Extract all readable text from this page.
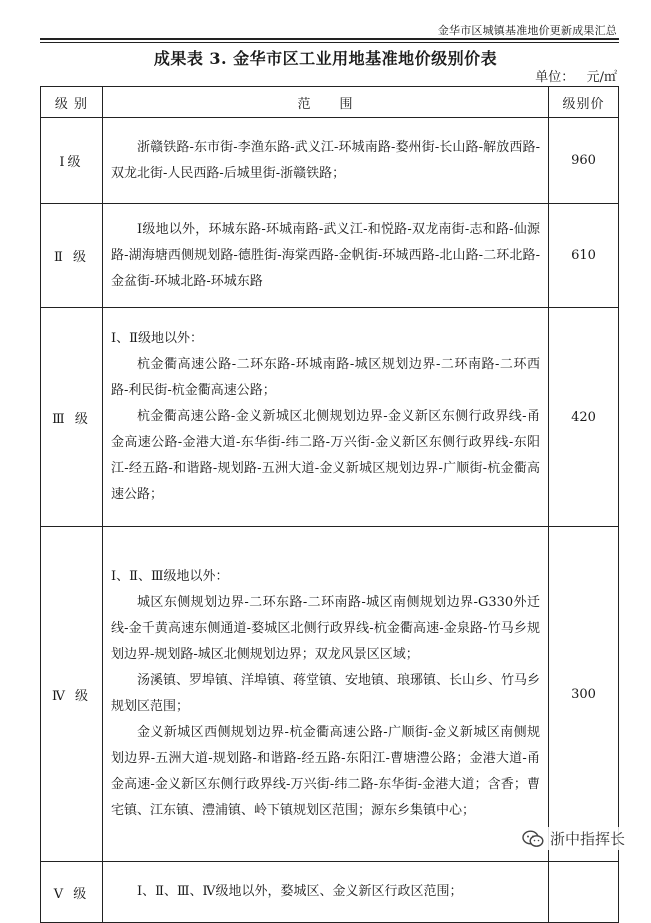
金华市区城镇基准地价更新成果汇总
成果表 3. 金华市区工业用地基准地价级别价表
单位： 元/㎡
级 别	范　　围	级别价
Ⅰ级	浙赣铁路-东市街-李渔东路-武义江-环城南路-婺州街-长山路-解放西路-双龙北街-人民西路-后城里街-浙赣铁路；	960
Ⅱ 级	Ⅰ级地以外，环城东路-环城南路-武义江-和悦路-双龙南街-志和路-仙源路-湖海塘西侧规划路-德胜街-海棠西路-金帆街-环城西路-北山路-二环北路-金盆街-环城北路-环城东路	610
Ⅲ 级	Ⅰ、Ⅱ级地以外：

杭金衢高速公路-二环东路-环城南路-城区规划边界-二环南路-二环西路-利民街-杭金衢高速公路；

杭金衢高速公路-金义新城区北侧规划边界-金义新区东侧行政界线-甬金高速公路-金港大道-东华街-纬二路-万兴街-金义新区东侧行政界线-东阳江-经五路-和谐路-规划路-五洲大道-金义新城区规划边界-广顺街-杭金衢高速公路；	420
Ⅳ 级	Ⅰ、Ⅱ、Ⅲ级地以外：

城区东侧规划边界-二环东路-二环南路-城区南侧规划边界-G330外迁线-金千黄高速东侧通道-婺城区北侧行政界线-杭金衢高速-金泉路-竹马乡规划边界-规划路-城区北侧规划边界；双龙风景区区域；

汤溪镇、罗埠镇、洋埠镇、蒋堂镇、安地镇、琅琊镇、长山乡、竹马乡规划区范围；

金义新城区西侧规划边界-杭金衢高速公路-广顺街-金义新城区南侧规划边界-五洲大道-规划路-和谐路-经五路-东阳江-曹塘澧公路；金港大道-甬金高速-金义新区东侧行政界线-万兴街-纬二路-东华街-金港大道；含香；曹宅镇、江东镇、澧浦镇、岭下镇规划区范围；源东乡集镇中心；	300
Ⅴ 级	Ⅰ、Ⅱ、Ⅲ、Ⅳ级地以外，婺城区、金义新区行政区范围；	

浙中指挥长
